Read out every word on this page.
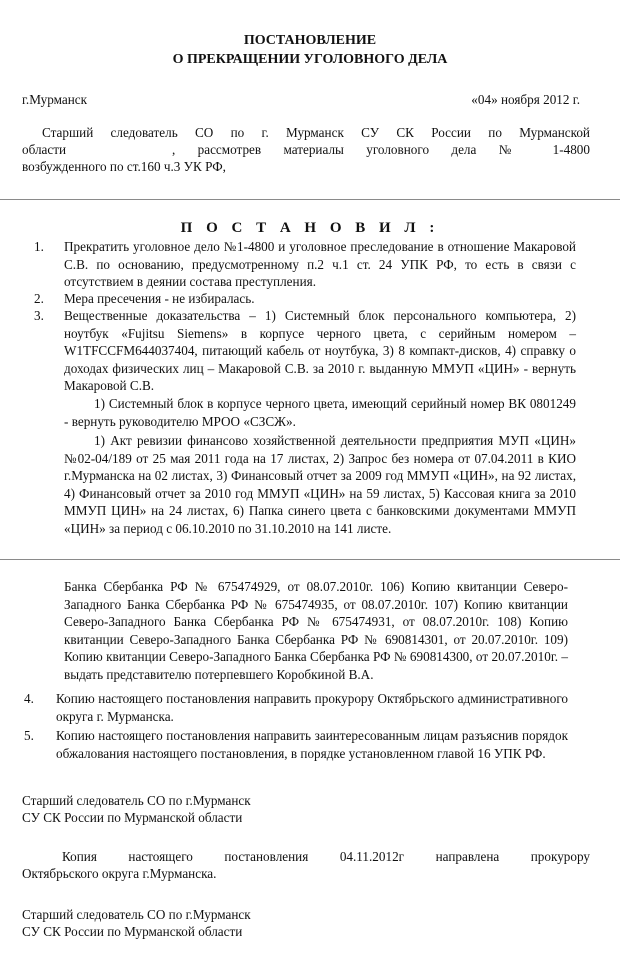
ПОСТАНОВЛЕНИЕ
О ПРЕКРАЩЕНИИ УГОЛОВНОГО ДЕЛА
г.Мурманск	«04» ноября 2012 г.
Старший следователь СО по г. Мурманск СУ СК России по Мурманской
области	, рассмотрев материалы уголовного дела № 1-4800
возбужденного по ст.160 ч.3 УК РФ,
П О С Т А Н О В И Л :
1. Прекратить уголовное дело №1-4800 и уголовное преследование в отношение Макаровой С.В. по основанию, предусмотренному п.2 ч.1 ст. 24 УПК РФ, то есть в связи с отсутствием в деянии состава преступления.
2. Мера пресечения - не избиралась.
3. Вещественные доказательства – 1) Системный блок персонального компьютера, 2) ноутбук «Fujitsu Siemens» в корпусе черного цвета, с серийным номером – W1TFCCFM644037404, питающий кабель от ноутбука, 3) 8 компакт-дисков, 4) справку о доходах физических лиц – Макаровой С.В. за 2010 г. выданную ММУП «ЦИН» - вернуть Макаровой С.В.
1) Системный блок в корпусе черного цвета, имеющий серийный номер ВК 0801249 - вернуть руководителю МРОО «СЗСЖ».
1) Акт ревизии финансово хозяйственной деятельности предприятия МУП «ЦИН» №02-04/189 от 25 мая 2011 года на 17 листах, 2) Запрос без номера от 07.04.2011 в КИО г.Мурманска на 02 листах, 3) Финансовый отчет за 2009 год ММУП «ЦИН», на 92 листах, 4) Финансовый отчет за 2010 год ММУП «ЦИН» на 59 листах, 5) Кассовая книга за 2010 ММУП ЦИН» на 24 листах, 6) Папка синего цвета с банковскими документами ММУП «ЦИН» за период с 06.10.2010 по 31.10.2010 на 141 листе.
Банка Сбербанка РФ № 675474929, от 08.07.2010г. 106) Копию квитанции Северо-Западного Банка Сбербанка РФ № 675474935, от 08.07.2010г. 107) Копию квитанции Северо-Западного Банка Сбербанка РФ № 675474931, от 08.07.2010г. 108) Копию квитанции Северо-Западного Банка Сбербанка РФ № 690814301, от 20.07.2010г. 109) Копию квитанции Северо-Западного Банка Сбербанка РФ № 690814300, от 20.07.2010г. – выдать представителю потерпевшего Коробкиной В.А.
4. Копию настоящего постановления направить прокурору Октябрьского административного округа г. Мурманска.
5. Копию настоящего постановления направить заинтересованным лицам разъяснив порядок обжалования настоящего постановления, в порядке установленном главой 16 УПК РФ.
Старший следователь СО по г.Мурманск
СУ СК России по Мурманской области
Копия настоящего постановления 04.11.2012г направлена прокурору
Октябрьского округа г.Мурманска.
Старший следователь СО по г.Мурманск
СУ СК России по Мурманской области
